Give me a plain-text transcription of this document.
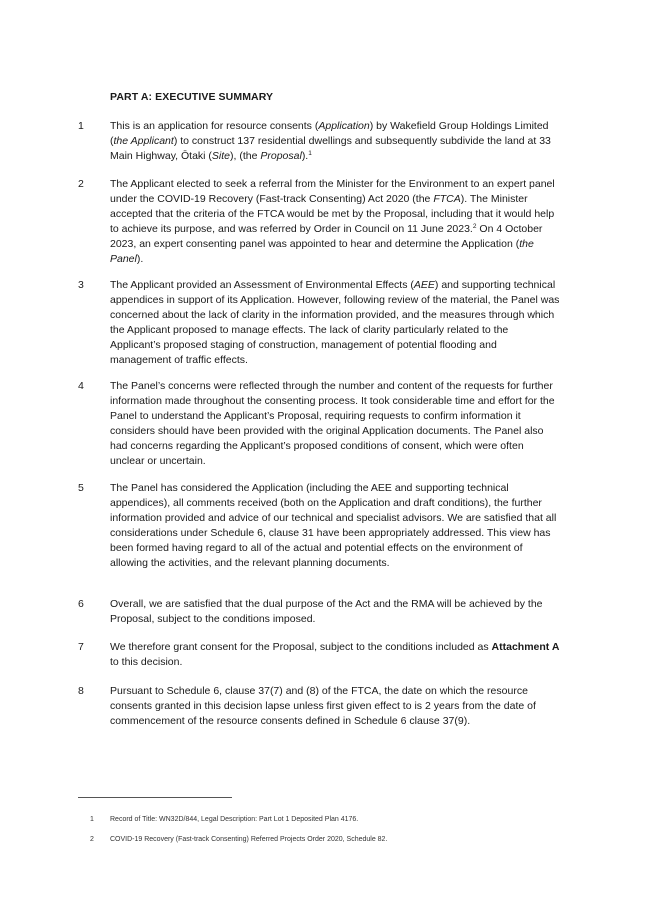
PART A: EXECUTIVE SUMMARY
1 This is an application for resource consents (Application) by Wakefield Group Holdings Limited (the Applicant) to construct 137 residential dwellings and subsequently subdivide the land at 33 Main Highway, Ōtaki (Site), (the Proposal).$^1$
2 The Applicant elected to seek a referral from the Minister for the Environment to an expert panel under the COVID-19 Recovery (Fast-track Consenting) Act 2020 (the FTCA). The Minister accepted that the criteria of the FTCA would be met by the Proposal, including that it would help to achieve its purpose, and was referred by Order in Council on 11 June 2023.$^2$ On 4 October 2023, an expert consenting panel was appointed to hear and determine the Application (the Panel).
3 The Applicant provided an Assessment of Environmental Effects (AEE) and supporting technical appendices in support of its Application. However, following review of the material, the Panel was concerned about the lack of clarity in the information provided, and the measures through which the Applicant proposed to manage effects. The lack of clarity particularly related to the Applicant’s proposed staging of construction, management of potential flooding and management of traffic effects.
4 The Panel’s concerns were reflected through the number and content of the requests for further information made throughout the consenting process. It took considerable time and effort for the Panel to understand the Applicant’s Proposal, requiring requests to confirm information it considers should have been provided with the original Application documents. The Panel also had concerns regarding the Applicant’s proposed conditions of consent, which were often unclear or uncertain.
5 The Panel has considered the Application (including the AEE and supporting technical appendices), all comments received (both on the Application and draft conditions), the further information provided and advice of our technical and specialist advisors. We are satisfied that all considerations under Schedule 6, clause 31 have been appropriately addressed. This view has been formed having regard to all of the actual and potential effects on the environment of allowing the activities, and the relevant planning documents.
6 Overall, we are satisfied that the dual purpose of the Act and the RMA will be achieved by the Proposal, subject to the conditions imposed.
7 We therefore grant consent for the Proposal, subject to the conditions included as Attachment A to this decision.
8 Pursuant to Schedule 6, clause 37(7) and (8) of the FTCA, the date on which the resource consents granted in this decision lapse unless first given effect to is 2 years from the date of commencement of the resource consents defined in Schedule 6 clause 37(9).
1 Record of Title: WN32D/844, Legal Description: Part Lot 1 Deposited Plan 4176.
2 COVID-19 Recovery (Fast-track Consenting) Referred Projects Order 2020, Schedule 82.
